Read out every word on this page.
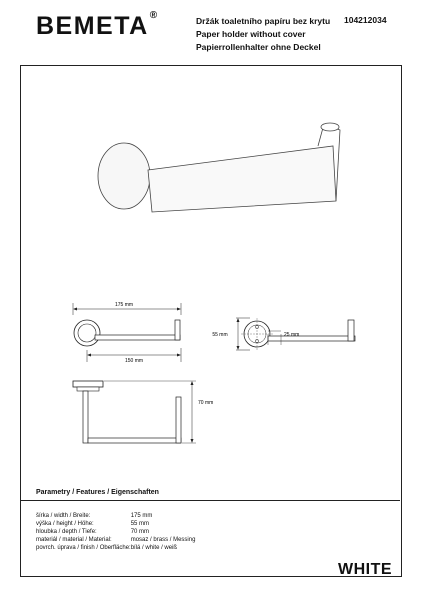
BEMETA®	Držák toaletního papíru bez krytu
Paper holder without cover
Papierrollenhalter ohne Deckel
104212034
175 mm
150 mm
55 mm	25 mm
70 mm
Parametry / Features / Eigenschaften
šírka / width / Breite:	175 mm
výška / height / Höhe:	55 mm
hloubka / depth / Tiefe:	70 mm
materiál / material / Material:	mosaz / brass / Messing
povrch. úprava / finish / Oberfläche:	bílá / white / weiß
WHITE
